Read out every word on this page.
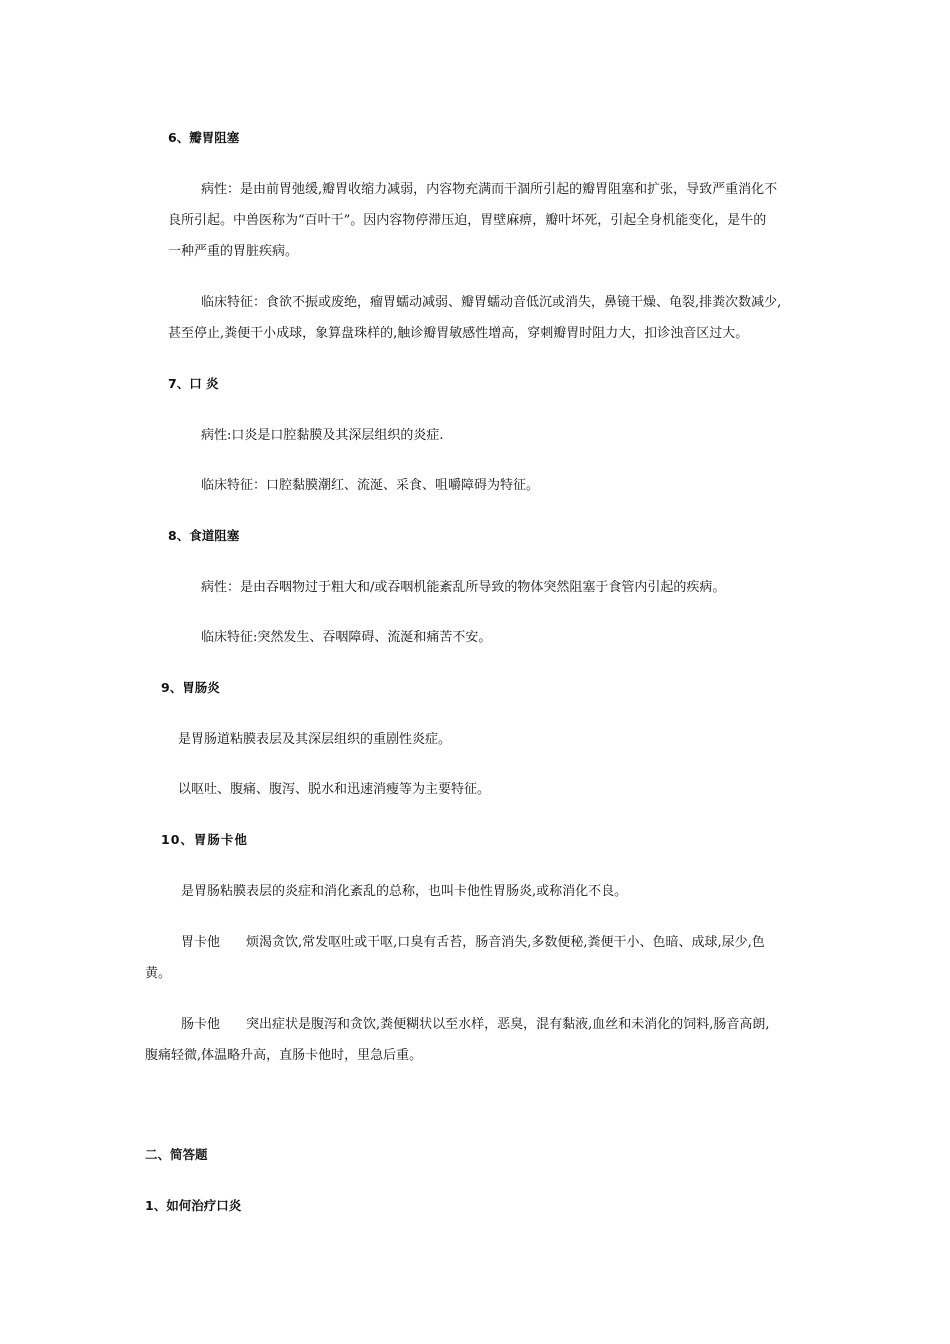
6、瓣胃阻塞
病性：是由前胃弛缓,瓣胃收缩力减弱，内容物充满而干涸所引起的瓣胃阻塞和扩张，导致严重消化不
良所引起。中兽医称为“百叶干”。因内容物停滞压迫，胃壁麻痹，瓣叶坏死，引起全身机能变化，是牛的
一种严重的胃脏疾病。
临床特征：食欲不振或废绝，瘤胃蠕动减弱、瓣胃蠕动音低沉或消失，鼻镜干燥、龟裂,排粪次数减少,
甚至停止,粪便干小成球，象算盘珠样的,触诊瓣胃敏感性增高，穿刺瓣胃时阻力大，扣诊浊音区过大。
7、口 炎
病性:口炎是口腔黏膜及其深层组织的炎症.
临床特征：口腔黏膜潮红、流涎、采食、咀嚼障碍为特征。
8、食道阻塞
病性：是由吞咽物过于粗大和/或吞咽机能紊乱所导致的物体突然阻塞于食管内引起的疾病。
临床特征:突然发生、吞咽障碍、流涎和痛苦不安。
9、胃肠炎
是胃肠道粘膜表层及其深层组织的重剧性炎症。
以呕吐、腹痛、腹泻、脱水和迅速消瘦等为主要特征。
10、胃肠卡他
是胃肠粘膜表层的炎症和消化紊乱的总称，也叫卡他性胃肠炎,或称消化不良。
胃卡他 烦渴贪饮,常发呕吐或干呕,口臭有舌苔，肠音消失,多数便秘,粪便干小、色暗、成球,尿少,色
黄。
肠卡他 突出症状是腹泻和贪饮,粪便糊状以至水样，恶臭，混有黏液,血丝和未消化的饲料,肠音高朗,
腹痛轻微,体温略升高，直肠卡他时，里急后重。
二、简答题
1、如何治疗口炎
